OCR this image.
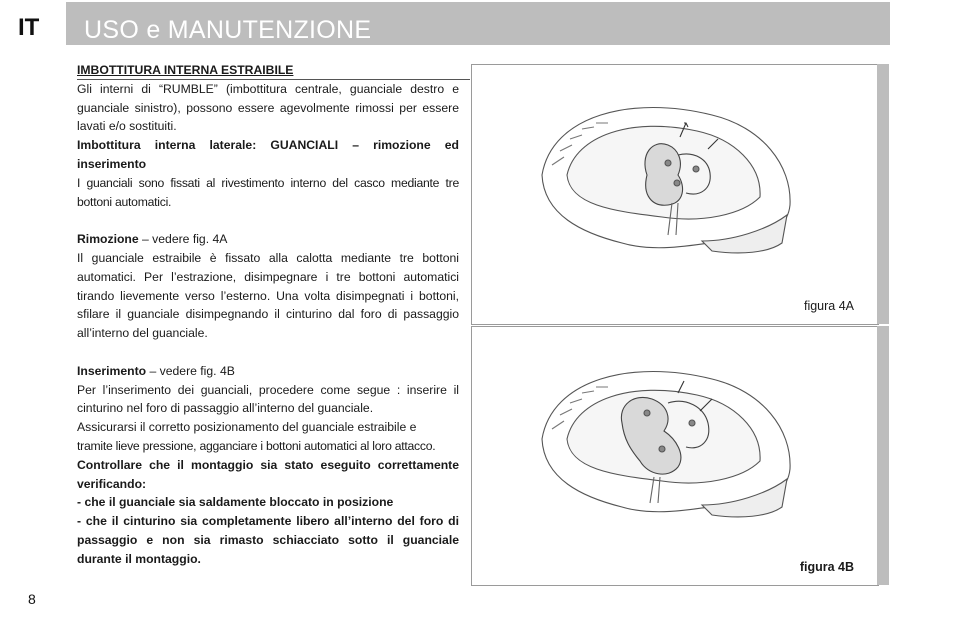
IT USO e MANUTENZIONE

IMBOTTITURA INTERNA ESTRAIBILE

Gli interni di “RUMBLE” (imbottitura centrale, guanciale destro e guanciale sinistro), possono essere agevolmente rimossi per essere lavati e/o sostituiti.

Imbottitura interna laterale: GUANCIALI – rimozione ed inserimento

I guanciali sono fissati al rivestimento interno del casco mediante tre bottoni automatici.

Rimozione – vedere fig. 4A

Il guanciale estraibile è fissato alla calotta mediante tre bottoni automatici. Per l’estrazione, disimpegnare i tre bottoni automatici tirando lievemente verso l’esterno. Una volta disimpegnati i bottoni, sfilare il guanciale disimpegnando il cinturino dal foro di passaggio all’interno del guanciale.

Inserimento – vedere fig. 4B

Per l’inserimento dei guanciali, procedere come segue : inserire il cinturino nel foro di passaggio all’interno del guanciale.

Assicurarsi il corretto posizionamento del guanciale estraibile e

tramite lieve pressione, agganciare i bottoni automatici al loro attacco.

Controllare che il montaggio sia stato eseguito correttamente verificando:

- che il guanciale sia saldamente bloccato in posizione

- che il cinturino sia completamente libero all’interno del foro di passaggio e non sia rimasto schiacciato sotto il guanciale durante il montaggio.

figura 4A
figura 4B
8
